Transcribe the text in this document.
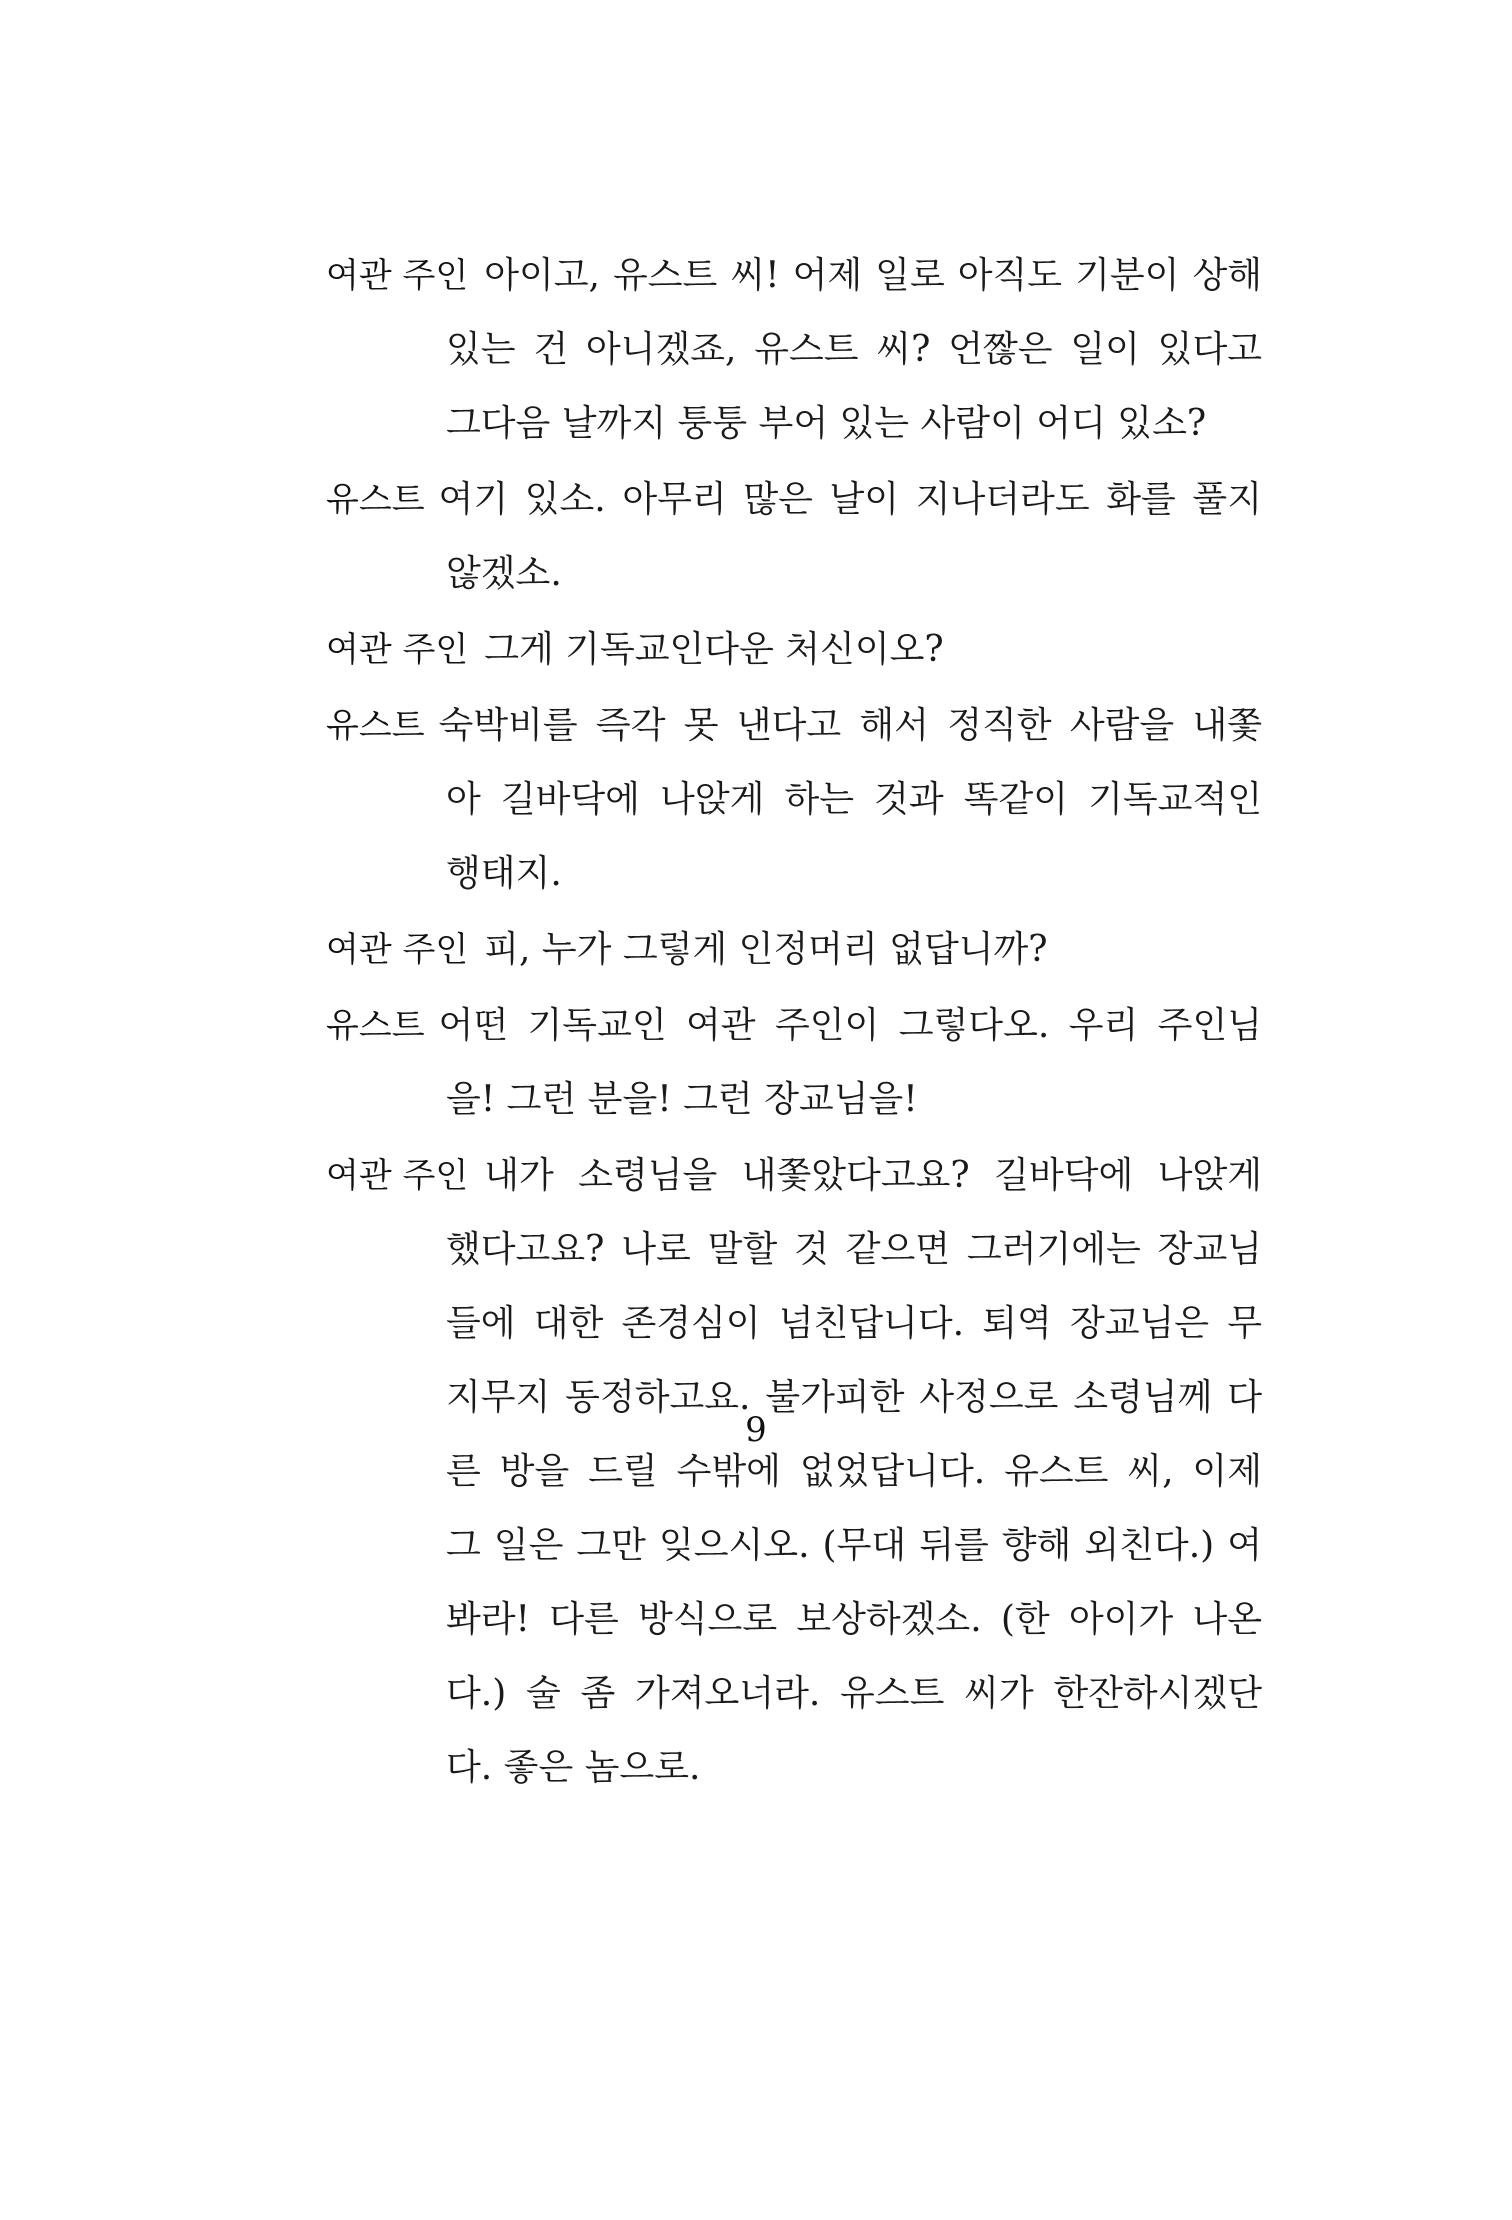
여관 주인 아이고, 유스트 씨! 어제 일로 아직도 기분이 상해
있는 건 아니겠죠, 유스트 씨? 언짢은 일이 있다고
그다음 날까지 퉁퉁 부어 있는 사람이 어디 있소?
유스트 여기 있소. 아무리 많은 날이 지나더라도 화를 풀지
않겠소.
여관 주인 그게 기독교인다운 처신이오?
유스트 숙박비를 즉각 못 낸다고 해서 정직한 사람을 내쫓
아 길바닥에 나앉게 하는 것과 똑같이 기독교적인
행태지.
여관 주인 피, 누가 그렇게 인정머리 없답니까?
유스트 어떤 기독교인 여관 주인이 그렇다오. 우리 주인님
을! 그런 분을! 그런 장교님을!
여관 주인 내가 소령님을 내쫓았다고요? 길바닥에 나앉게
했다고요? 나로 말할 것 같으면 그러기에는 장교님
들에 대한 존경심이 넘친답니다. 퇴역 장교님은 무
지무지 동정하고요. 불가피한 사정으로 소령님께 다
른 방을 드릴 수밖에 없었답니다. 유스트 씨, 이제
그 일은 그만 잊으시오. (무대 뒤를 향해 외친다.) 여
봐라! 다른 방식으로 보상하겠소. (한 아이가 나온
다.) 술 좀 가져오너라. 유스트 씨가 한잔하시겠단
다. 좋은 놈으로.
9
